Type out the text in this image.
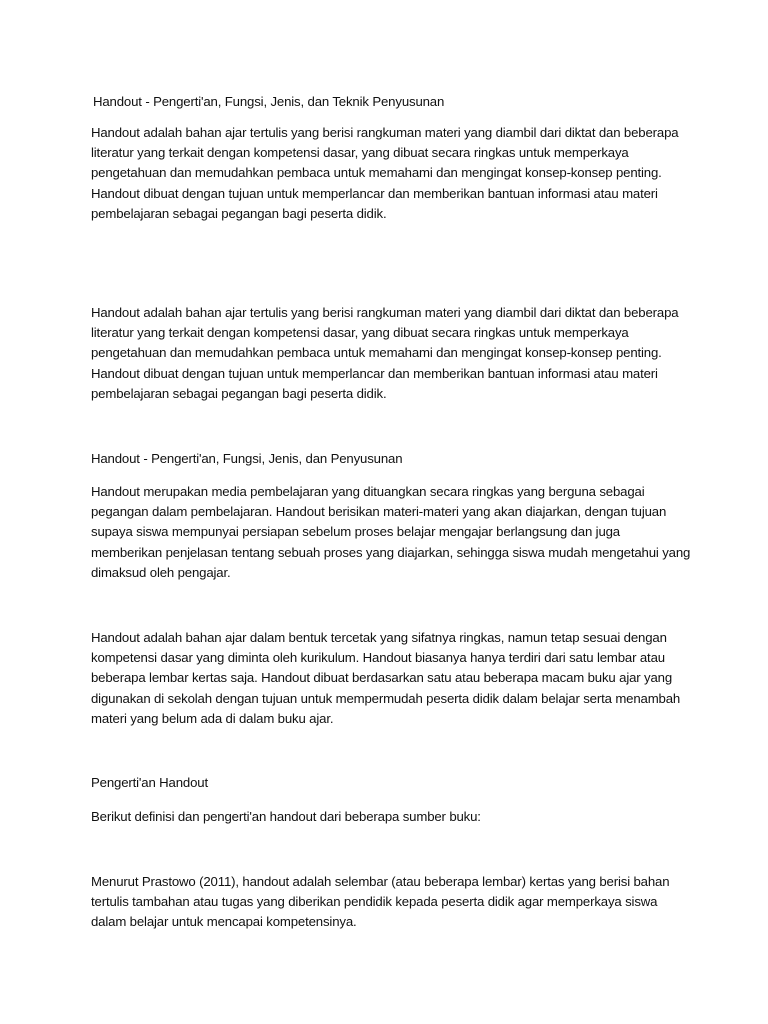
Handout - Pengerti'an, Fungsi, Jenis, dan Teknik Penyusunan

Handout adalah bahan ajar tertulis yang berisi rangkuman materi yang diambil dari diktat dan beberapa literatur yang terkait dengan kompetensi dasar, yang dibuat secara ringkas untuk memperkaya pengetahuan dan memudahkan pembaca untuk memahami dan mengingat konsep-konsep penting. Handout dibuat dengan tujuan untuk memperlancar dan memberikan bantuan informasi atau materi pembelajaran sebagai pegangan bagi peserta didik.

Handout adalah bahan ajar tertulis yang berisi rangkuman materi yang diambil dari diktat dan beberapa literatur yang terkait dengan kompetensi dasar, yang dibuat secara ringkas untuk memperkaya pengetahuan dan memudahkan pembaca untuk memahami dan mengingat konsep-konsep penting. Handout dibuat dengan tujuan untuk memperlancar dan memberikan bantuan informasi atau materi pembelajaran sebagai pegangan bagi peserta didik.

Handout - Pengerti'an, Fungsi, Jenis, dan Penyusunan

Handout merupakan media pembelajaran yang dituangkan secara ringkas yang berguna sebagai pegangan dalam pembelajaran. Handout berisikan materi-materi yang akan diajarkan, dengan tujuan supaya siswa mempunyai persiapan sebelum proses belajar mengajar berlangsung dan juga memberikan penjelasan tentang sebuah proses yang diajarkan, sehingga siswa mudah mengetahui yang dimaksud oleh pengajar.

Handout adalah bahan ajar dalam bentuk tercetak yang sifatnya ringkas, namun tetap sesuai dengan kompetensi dasar yang diminta oleh kurikulum. Handout biasanya hanya terdiri dari satu lembar atau beberapa lembar kertas saja. Handout dibuat berdasarkan satu atau beberapa macam buku ajar yang digunakan di sekolah dengan tujuan untuk mempermudah peserta didik dalam belajar serta menambah materi yang belum ada di dalam buku ajar.

Pengerti'an Handout

Berikut definisi dan pengerti'an handout dari beberapa sumber buku:

Menurut Prastowo (2011), handout adalah selembar (atau beberapa lembar) kertas yang berisi bahan tertulis tambahan atau tugas yang diberikan pendidik kepada peserta didik agar memperkaya siswa dalam belajar untuk mencapai kompetensinya.
